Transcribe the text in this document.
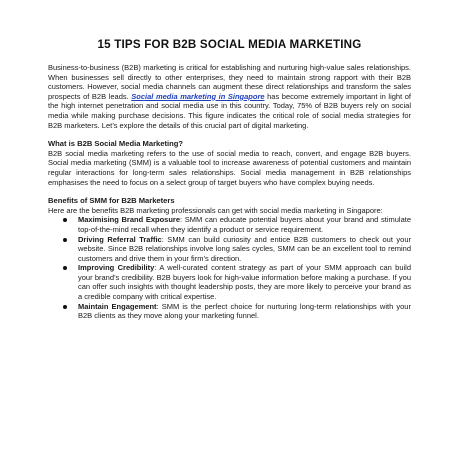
15 TIPS FOR B2B SOCIAL MEDIA MARKETING

Business-to-business (B2B) marketing is critical for establishing and nurturing high-value sales relationships. When businesses sell directly to other enterprises, they need to maintain strong rapport with their B2B customers. However, social media channels can augment these direct relationships and transform the sales prospects of B2B leads. Social media marketing in Singapore has become extremely important in light of the high internet penetration and social media use in this country. Today, 75% of B2B buyers rely on social media while making purchase decisions. This figure indicates the critical role of social media strategies for B2B marketers. Let’s explore the details of this crucial part of digital marketing.

What is B2B Social Media Marketing?

B2B social media marketing refers to the use of social media to reach, convert, and engage B2B buyers. Social media marketing (SMM) is a valuable tool to increase awareness of potential customers and maintain regular interactions for long-term sales relationships. Social media management in B2B relationships emphasises the need to focus on a select group of target buyers who have complex buying needs.

Benefits of SMM for B2B Marketers

Here are the benefits B2B marketing professionals can get with social media marketing in Singapore:

Maximising Brand Exposure: SMM can educate potential buyers about your brand and stimulate top-of-the-mind recall when they identify a product or service requirement.
Driving Referral Traffic: SMM can build curiosity and entice B2B customers to check out your website. Since B2B relationships involve long sales cycles, SMM can be an excellent tool to remind customers and drive them in your firm’s direction.
Improving Credibility: A well-curated content strategy as part of your SMM approach can build your brand’s credibility. B2B buyers look for high-value information before making a purchase. If you can offer such insights with thought leadership posts, they are more likely to perceive your brand as a credible company with critical expertise.
Maintain Engagement: SMM is the perfect choice for nurturing long-term relationships with your B2B clients as they move along your marketing funnel.
